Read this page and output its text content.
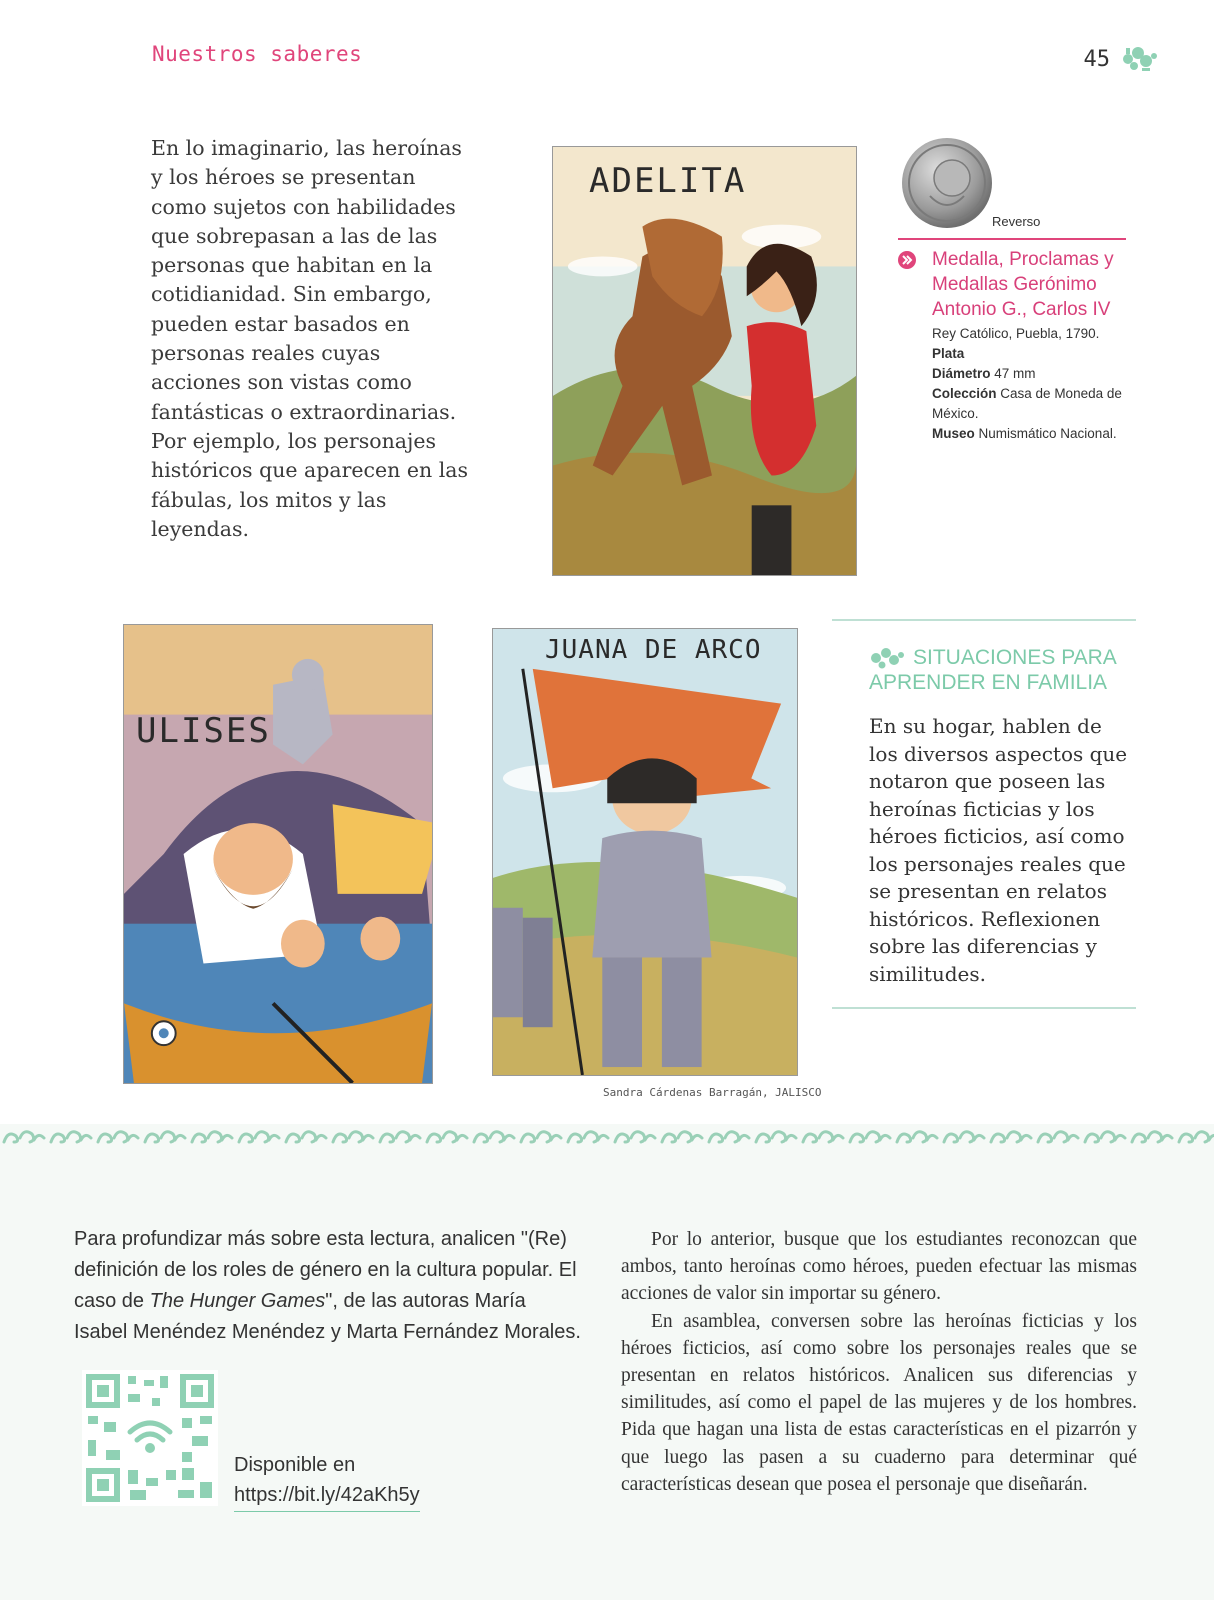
Nuestros saberes	45

En lo imaginario, las heroínas y los héroes se presentan como sujetos con habilidades que sobrepasan a las de las personas que habitan en la cotidianidad. Sin embargo, pueden estar basados en personas reales cuyas acciones son vistas como fantásticas o extraordinarias. Por ejemplo, los personajes históricos que aparecen en las fábulas, los mitos y las leyendas.

ADELITA
Reverso
Medalla, Proclamas y Medallas Gerónimo Antonio G., Carlos IV
Rey Católico, Puebla, 1790.
Plata
Diámetro 47 mm
Colección Casa de Moneda de México.
Museo Numismático Nacional.
ULISES
JUANA DE ARCO
Sandra Cárdenas Barragán, JALISCO
SITUACIONES PARA APRENDER EN FAMILIA

En su hogar, hablen de los diversos aspectos que notaron que poseen las heroínas ficticias y los héroes ficticios, así como los personajes reales que se presentan en relatos históricos. Reflexionen sobre las diferencias y similitudes.

Para profundizar más sobre esta lectura, analicen "(Re) definición de los roles de género en la cultura popular. El caso de The Hunger Games", de las autoras María Isabel Menéndez Menéndez y Marta Fernández Morales.

Disponible en
https://bit.ly/42aKh5y

Por lo anterior, busque que los estudiantes reconozcan que ambos, tanto heroínas como héroes, pueden efectuar las mismas acciones de valor sin importar su género.

En asamblea, conversen sobre las heroínas ficticias y los héroes ficticios, así como sobre los personajes reales que se presentan en relatos históricos. Analicen sus diferencias y similitudes, así como el papel de las mujeres y de los hombres. Pida que hagan una lista de estas características en el pizarrón y que luego las pasen a su cuaderno para determinar qué características desean que posea el personaje que diseñarán.
